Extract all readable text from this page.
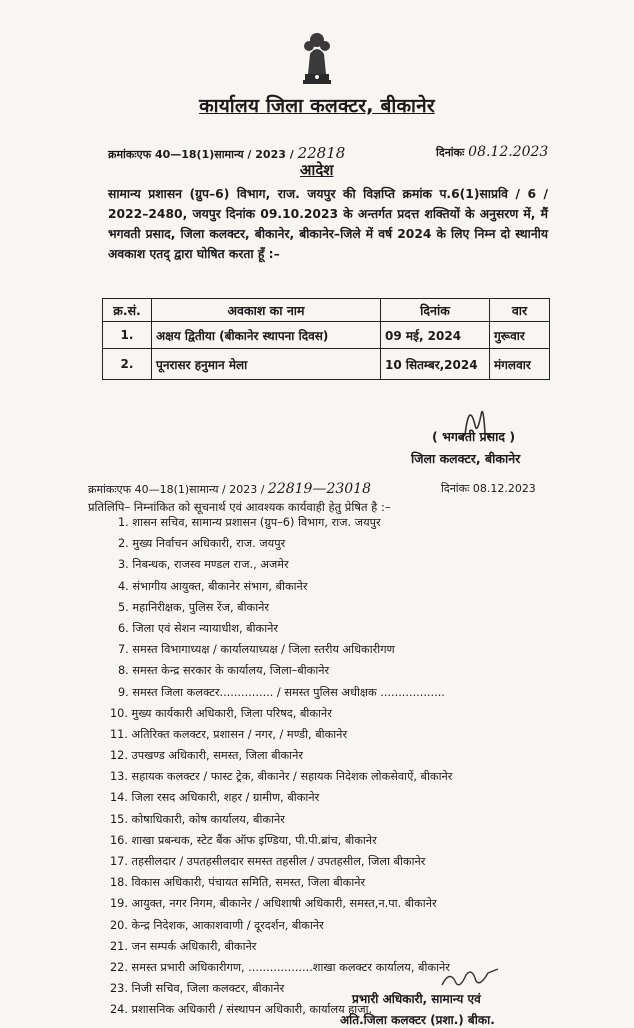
कार्यालय जिला कलक्टर, बीकानेर
क्रमांकःएफ 40—18(1)सामान्य / 2023 / 22818	दिनांकः 08.12.2023
आदेश
सामान्य प्रशासन (ग्रुप–6) विभाग, राज. जयपुर की विज्ञप्ति क्रमांक प.6(1)साप्रवि / 6 / 2022–2480, जयपुर दिनांक 09.10.2023 के अन्तर्गत प्रदत्त शक्तियों के अनुसरण में, मैं भगवती प्रसाद, जिला कलक्टर, बीकानेर, बीकानेर–जिले में वर्ष 2024 के लिए निम्न दो स्थानीय अवकाश एतद् द्वारा घोषित करता हूँ :–
क्र.सं.	अवकाश का नाम	दिनांक	वार
1.	अक्षय द्वितीया (बीकानेर स्थापना दिवस)	09 मई, 2024	गुरूवार
2.	पूनरासर हनुमान मेला	10 सितम्बर,2024	मंगलवार
( भगवती प्रसाद )
जिला कलक्टर, बीकानेर
क्रमांकःएफ 40—18(1)सामान्य / 2023 / 22819—23018	दिनांकः 08.12.2023
प्रतिलिपि– निम्नांकित को सूचनार्थ एवं आवश्यक कार्यवाही हेतु प्रेषित है :–
1. शासन सचिव, सामान्य प्रशासन (ग्रुप–6) विभाग, राज. जयपुर
2. मुख्य निर्वाचन अधिकारी, राज. जयपुर
3. निबन्धक, राजस्व मण्डल राज., अजमेर
4. संभागीय आयुक्त, बीकानेर संभाग, बीकानेर
5. महानिरीक्षक, पुलिस रेंज, बीकानेर
6. जिला एवं सेशन न्यायाधीश, बीकानेर
7. समस्त विभागाध्यक्ष / कार्यालयाध्यक्ष / जिला स्तरीय अधिकारीगण
8. समस्त केन्द्र सरकार के कार्यालय, जिला–बीकानेर
9. समस्त जिला कलक्टर............... / समस्त पुलिस अधीक्षक ..................
10. मुख्य कार्यकारी अधिकारी, जिला परिषद, बीकानेर
11. अतिरिक्त कलक्टर, प्रशासन / नगर, / मण्डी, बीकानेर
12. उपखण्ड अधिकारी, समस्त, जिला बीकानेर
13. सहायक कलक्टर / फास्ट ट्रेक, बीकानेर / सहायक निदेशक लोकसेवाऐं, बीकानेर
14. जिला रसद अधिकारी, शहर / ग्रामीण, बीकानेर
15. कोषाधिकारी, कोष कार्यालय, बीकानेर
16. शाखा प्रबन्धक, स्टेट बैंक ऑफ इण्डिया, पी.पी.ब्रांच, बीकानेर
17. तहसीलदार / उपतहसीलदार समस्त तहसील / उपतहसील, जिला बीकानेर
18. विकास अधिकारी, पंचायत समिति, समस्त, जिला बीकानेर
19. आयुक्त, नगर निगम, बीकानेर / अधिशाषी अधिकारी, समस्त,न.पा. बीकानेर
20. केन्द्र निदेशक, आकाशवाणी / दूरदर्शन, बीकानेर
21. जन सम्पर्क अधिकारी, बीकानेर
22. समस्त प्रभारी अधिकारीगण, ..................शाखा कलक्टर कार्यालय, बीकानेर
23. निजी सचिव, जिला कलक्टर, बीकानेर
24. प्रशासनिक अधिकारी / संस्थापन अधिकारी, कार्यालय हाजा.
प्रभारी अधिकारी, सामान्य एवं
अति.जिला कलक्टर (प्रशा.) बीका.
